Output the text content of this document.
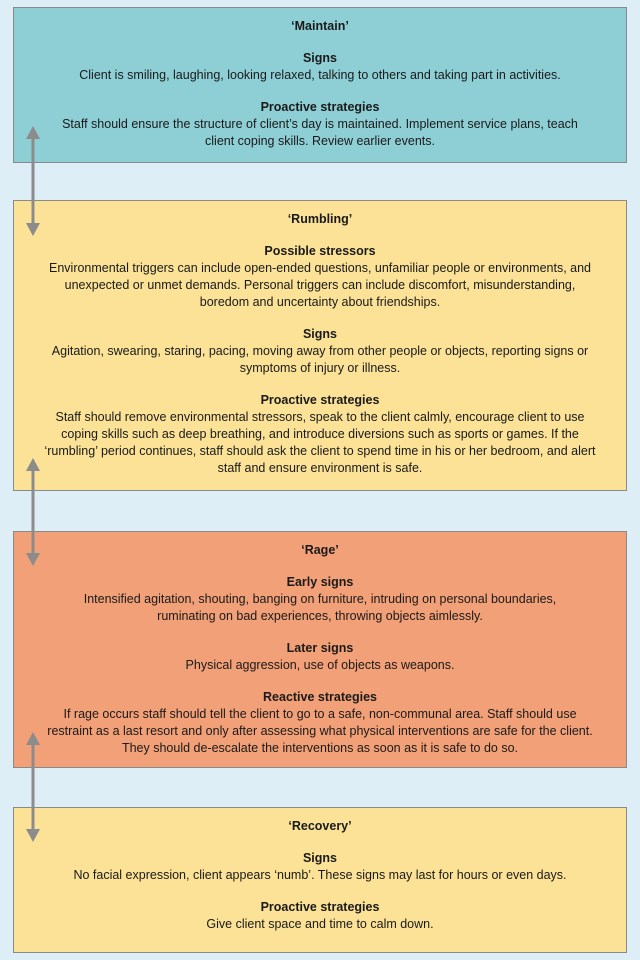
‘Maintain’

Signs

Client is smiling, laughing, looking relaxed, talking to others and taking part in activities.

Proactive strategies

Staff should ensure the structure of client’s day is maintained. Implement service plans, teach client coping skills. Review earlier events.

‘Rumbling’

Possible stressors

Environmental triggers can include open-ended questions, unfamiliar people or environments, and unexpected or unmet demands. Personal triggers can include discomfort, misunderstanding, boredom and uncertainty about friendships.

Signs

Agitation, swearing, staring, pacing, moving away from other people or objects, reporting signs or symptoms of injury or illness.

Proactive strategies

Staff should remove environmental stressors, speak to the client calmly, encourage client to use coping skills such as deep breathing, and introduce diversions such as sports or games. If the ‘rumbling’ period continues, staff should ask the client to spend time in his or her bedroom, and alert staff and ensure environment is safe.

‘Rage’

Early signs

Intensified agitation, shouting, banging on furniture, intruding on personal boundaries, ruminating on bad experiences, throwing objects aimlessly.

Later signs

Physical aggression, use of objects as weapons.

Reactive strategies

If rage occurs staff should tell the client to go to a safe, non-communal area. Staff should use restraint as a last resort and only after assessing what physical interventions are safe for the client. They should de-escalate the interventions as soon as it is safe to do so.

‘Recovery’

Signs

No facial expression, client appears ‘numb’. These signs may last for hours or even days.

Proactive strategies

Give client space and time to calm down.
